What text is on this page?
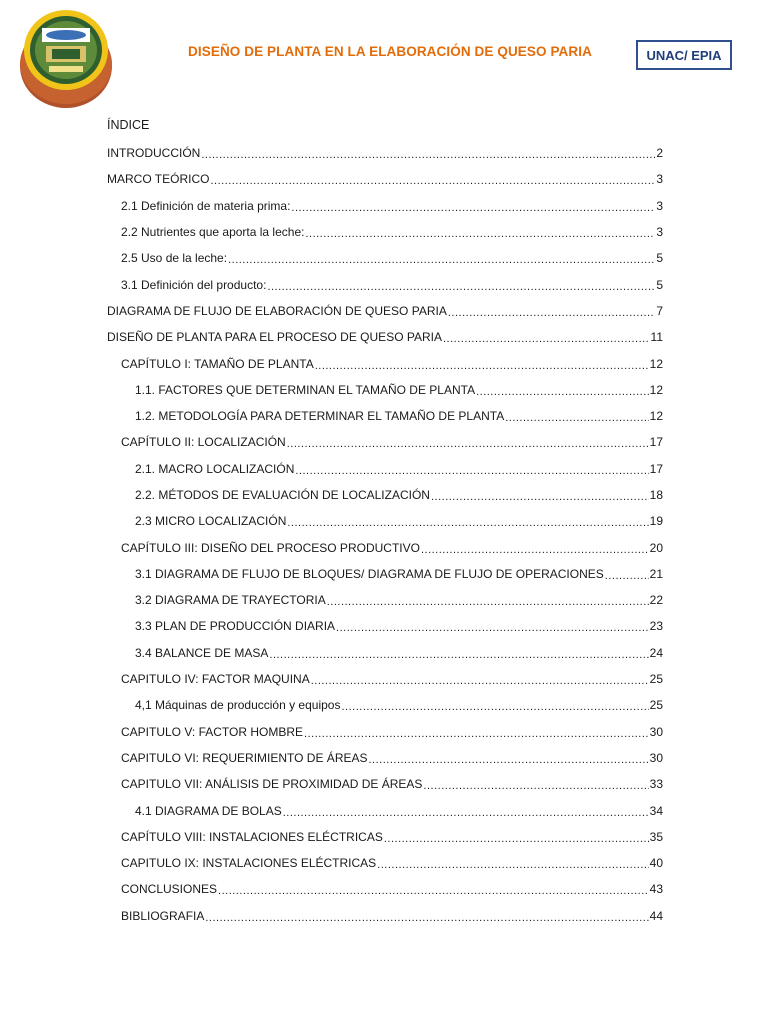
DISEÑO DE PLANTA EN LA ELABORACIÓN DE QUESO PARIA	UNAC/ EPIA
ÍNDICE
INTRODUCCIÓN .....	2
MARCO TEÓRICO .....	3
2.1 Definición de materia prima: .....	3
2.2 Nutrientes que aporta la leche: .....	3
2.5 Uso de la leche: .....	5
3.1 Definición del producto: .....	5
DIAGRAMA DE FLUJO DE ELABORACIÓN DE QUESO PARIA .....	7
DISEÑO DE PLANTA PARA EL PROCESO DE QUESO PARIA .....	11
CAPÍTULO I: TAMAÑO DE PLANTA .....	12
1.1. FACTORES QUE DETERMINAN EL TAMAÑO DE PLANTA .....	12
1.2. METODOLOGÍA PARA DETERMINAR EL TAMAÑO DE PLANTA .....	12
CAPÍTULO II: LOCALIZACIÓN .....	17
2.1. MACRO LOCALIZACIÓN .....	17
2.2. MÉTODOS DE EVALUACIÓN DE LOCALIZACIÓN .....	18
2.3 MICRO LOCALIZACIÓN .....	19
CAPÍTULO III: DISEÑO DEL PROCESO PRODUCTIVO .....	20
3.1 DIAGRAMA DE FLUJO DE BLOQUES/ DIAGRAMA DE FLUJO DE OPERACIONES .....	21
3.2 DIAGRAMA DE TRAYECTORIA .....	22
3.3 PLAN DE PRODUCCIÓN DIARIA .....	23
3.4 BALANCE DE MASA .....	24
CAPITULO IV: FACTOR MAQUINA .....	25
4,1 Máquinas de producción y equipos .....	25
CAPITULO V: FACTOR HOMBRE .....	30
CAPITULO VI: REQUERIMIENTO DE ÁREAS .....	30
CAPITULO VII: ANÁLISIS DE PROXIMIDAD DE ÁREAS .....	33
4.1 DIAGRAMA DE BOLAS .....	34
CAPÍTULO VIII: INSTALACIONES ELÉCTRICAS .....	35
CAPITULO IX: INSTALACIONES ELÉCTRICAS .....	40
CONCLUSIONES .....	43
BIBLIOGRAFIA .....	44
